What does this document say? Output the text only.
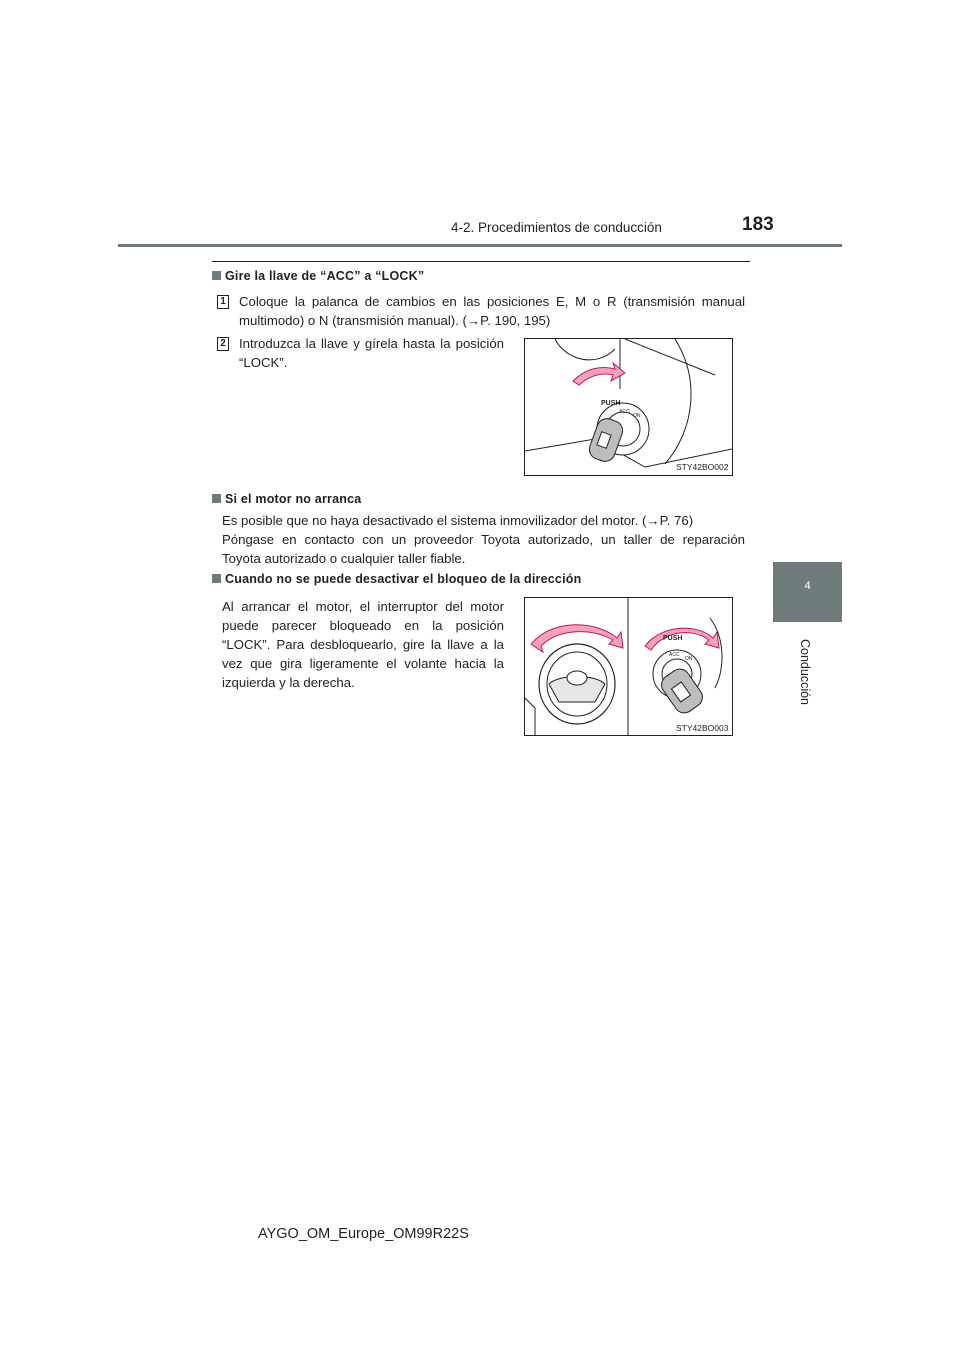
4-2. Procedimientos de conducción	183
4
Conducción
Gire la llave de “ACC” a “LOCK”
1 Coloque la palanca de cambios en las posiciones E, M o R (transmisión manual
multimodo) o N (transmisión manual). (→P. 190, 195)
2 Introduzca la llave y gírela hasta la posición
“LOCK”.
PUSH
ACC
ON
STY42BO002
Si el motor no arranca
Es posible que no haya desactivado el sistema inmovilizador del motor. (→P. 76)
Póngase en contacto con un proveedor Toyota autorizado, un taller de reparación
Toyota autorizado o cualquier taller fiable.
Cuando no se puede desactivar el bloqueo de la dirección
Al arrancar el motor, el interruptor del motor
puede parecer bloqueado en la posición
“LOCK”. Para desbloquearlo, gire la llave a la
vez que gira ligeramente el volante hacia la
izquierda y la derecha.
PUSH
ACC
ON
STY42BO003
AYGO_OM_Europe_OM99R22S
